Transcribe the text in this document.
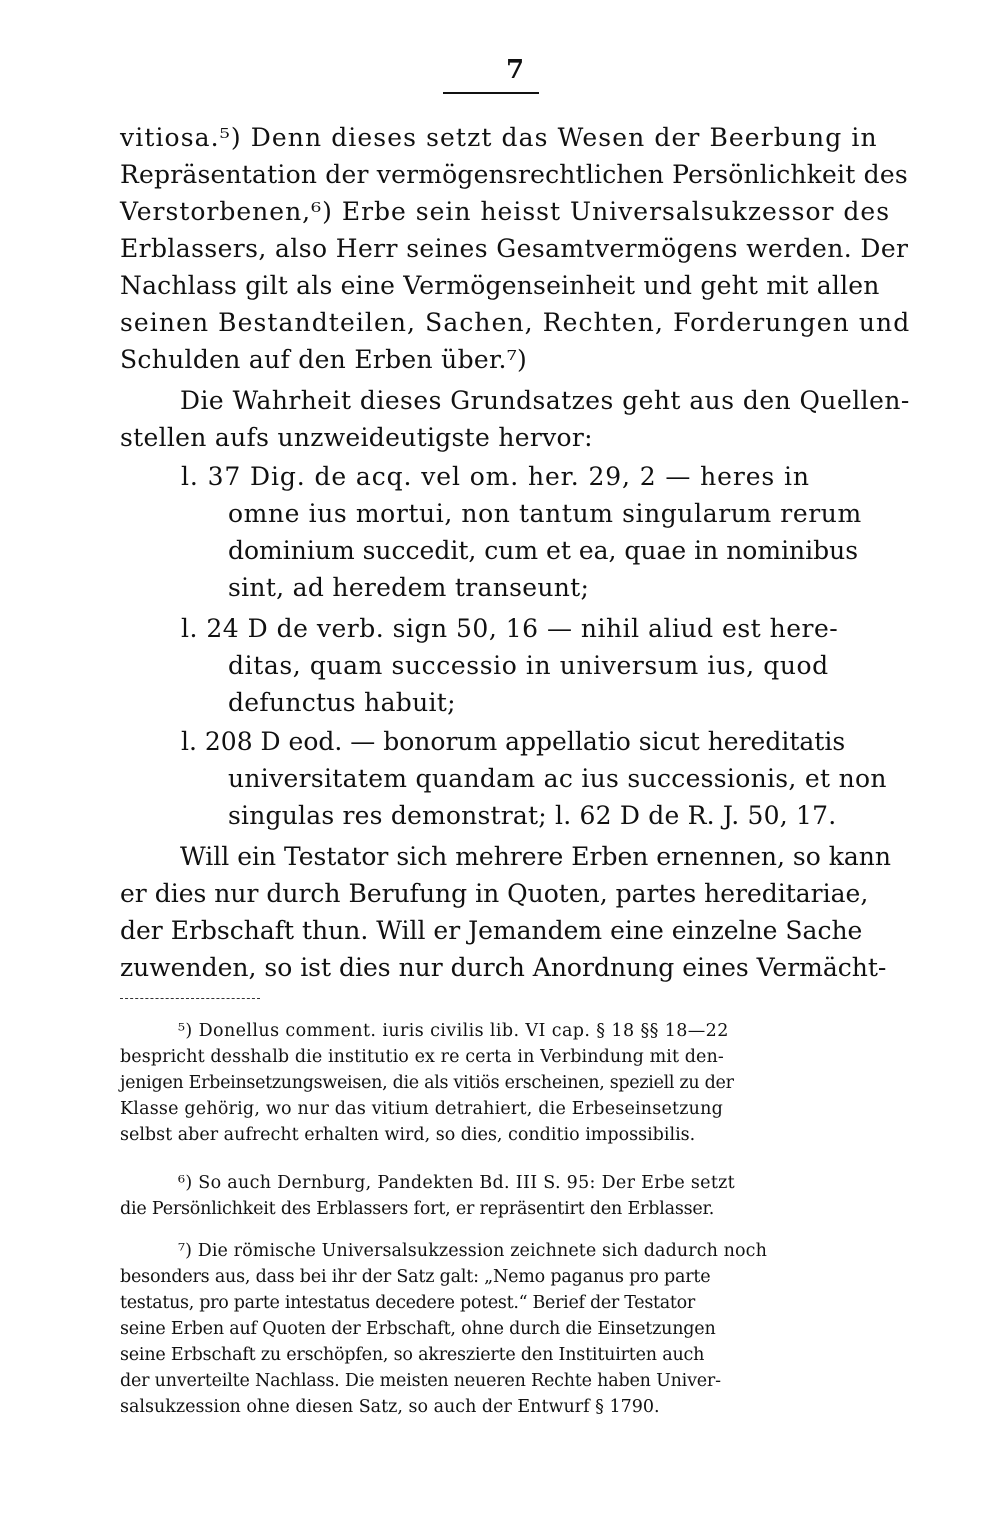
7
vitiosa.⁵) Denn dieses setzt das Wesen der Beerbung in
Repräsentation der vermögensrechtlichen Persönlichkeit des
Verstorbenen,⁶) Erbe sein heisst Universalsukzessor des
Erblassers, also Herr seines Gesamtvermögens werden. Der
Nachlass gilt als eine Vermögenseinheit und geht mit allen
seinen Bestandteilen, Sachen, Rechten, Forderungen und
Schulden auf den Erben über.⁷)
Die Wahrheit dieses Grundsatzes geht aus den Quellen-
stellen aufs unzweideutigste hervor:
l. 37 Dig. de acq. vel om. her. 29, 2 — heres in
omne ius mortui, non tantum singularum rerum
dominium succedit, cum et ea, quae in nominibus
sint, ad heredem transeunt;
l. 24 D de verb. sign 50, 16 — nihil aliud est here-
ditas, quam successio in universum ius, quod
defunctus habuit;
l. 208 D eod. — bonorum appellatio sicut hereditatis
universitatem quandam ac ius successionis, et non
singulas res demonstrat; l. 62 D de R. J. 50, 17.
Will ein Testator sich mehrere Erben ernennen, so kann
er dies nur durch Berufung in Quoten, partes hereditariae,
der Erbschaft thun. Will er Jemandem eine einzelne Sache
zuwenden, so ist dies nur durch Anordnung eines Vermächt-
⁵) Donellus comment. iuris civilis lib. VI cap. § 18 §§ 18—22
bespricht desshalb die institutio ex re certa in Verbindung mit den-
jenigen Erbeinsetzungsweisen, die als vitiös erscheinen, speziell zu der
Klasse gehörig, wo nur das vitium detrahiert, die Erbeseinsetzung
selbst aber aufrecht erhalten wird, so dies, conditio impossibilis.
⁶) So auch Dernburg, Pandekten Bd. III S. 95: Der Erbe setzt
die Persönlichkeit des Erblassers fort, er repräsentirt den Erblasser.
⁷) Die römische Universalsukzession zeichnete sich dadurch noch
besonders aus, dass bei ihr der Satz galt: „Nemo paganus pro parte
testatus, pro parte intestatus decedere potest.“ Berief der Testator
seine Erben auf Quoten der Erbschaft, ohne durch die Einsetzungen
seine Erbschaft zu erschöpfen, so akreszierte den Instituirten auch
der unverteilte Nachlass. Die meisten neueren Rechte haben Univer-
salsukzession ohne diesen Satz, so auch der Entwurf § 1790.
